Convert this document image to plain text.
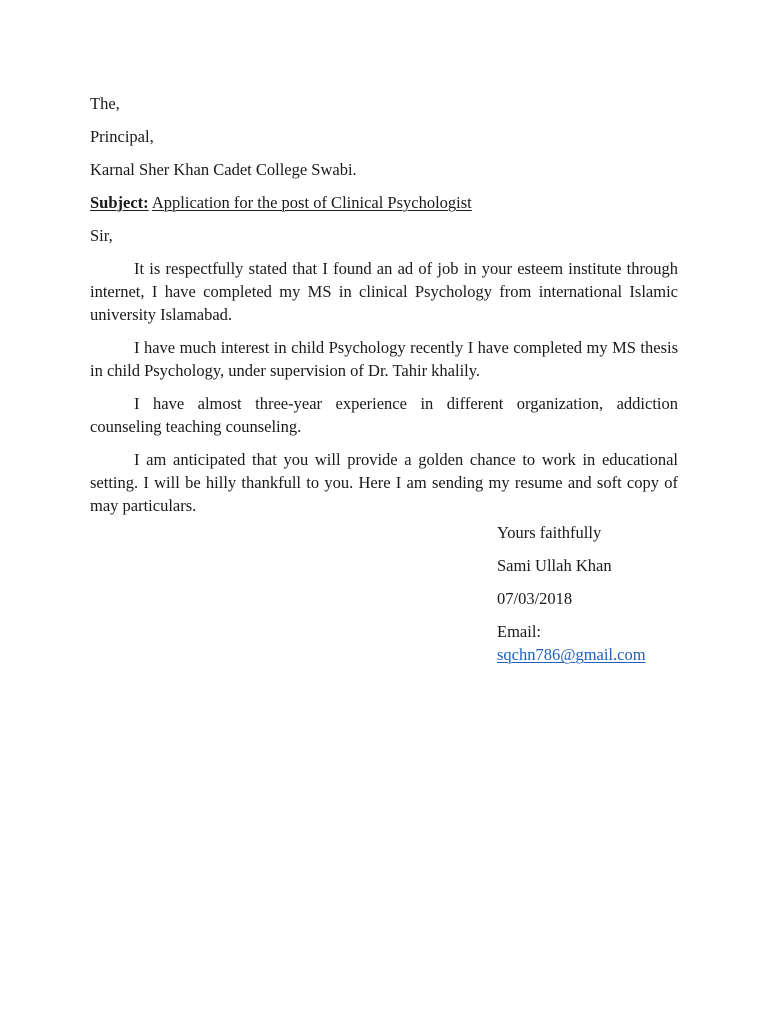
The,

Principal,

Karnal Sher Khan Cadet College Swabi.

Subject: Application for the post of Clinical Psychologist

Sir,

It is respectfully stated that I found an ad of job in your esteem institute through internet, I have completed my MS in clinical Psychology from international Islamic university Islamabad.

I have much interest in child Psychology recently I have completed my MS thesis in child Psychology, under supervision of Dr. Tahir khalily.

I have almost three-year experience in different organization, addiction counseling teaching counseling.

I am anticipated that you will provide a golden chance to work in educational setting. I will be hilly thankfull to you. Here I am sending my resume and soft copy of may particulars.

Yours faithfully

Sami Ullah Khan

07/03/2018

Email:

sqchn786@gmail.com
